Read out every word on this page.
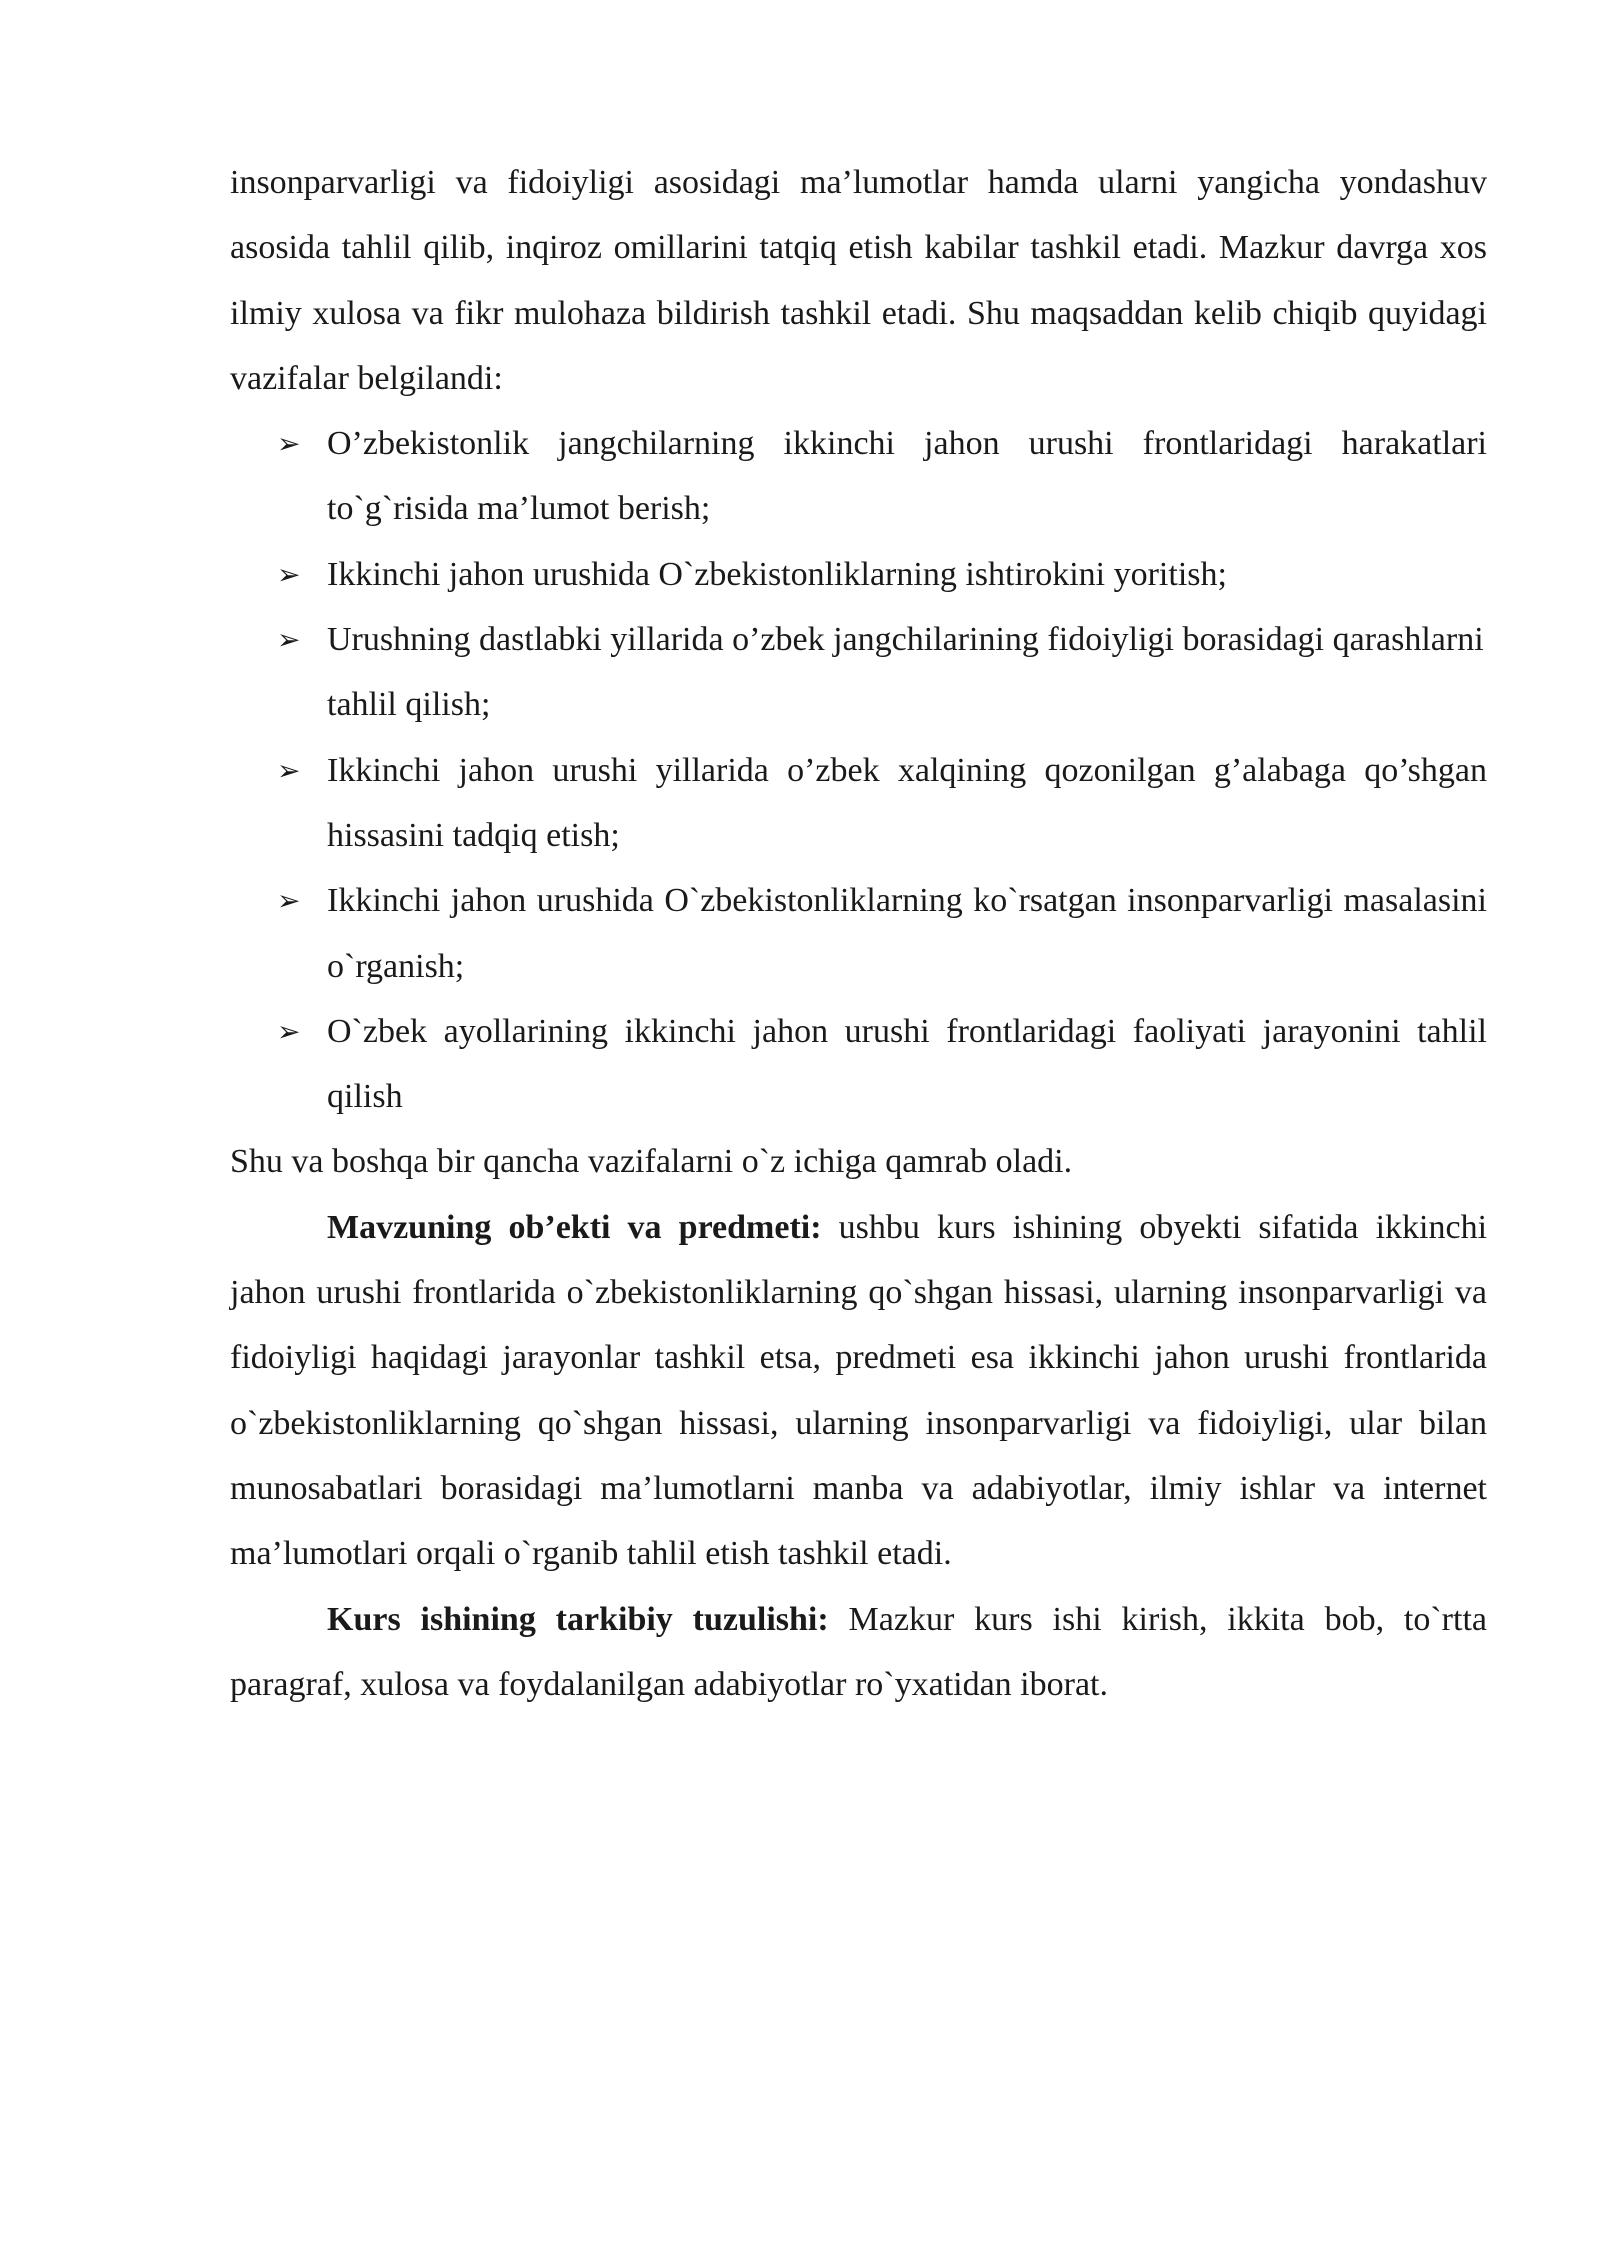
insonparvarligi va fidoiyligi asosidagi ma’lumotlar hamda ularni yangicha yondashuv asosida tahlil qilib, inqiroz omillarini tatqiq etish kabilar tashkil etadi. Mazkur davrga xos ilmiy xulosa va fikr mulohaza bildirish tashkil etadi. Shu maqsaddan kelib chiqib quyidagi vazifalar belgilandi:

➢ O’zbekistonlik jangchilarning ikkinchi jahon urushi frontlaridagi harakatlari to`g`risida ma’lumot berish;
➢ Ikkinchi jahon urushida O`zbekistonliklarning ishtirokini yoritish;
➢ Urushning dastlabki yillarida o’zbek jangchilarining fidoiyligi borasidagi qarashlarni tahlil qilish;
➢ Ikkinchi jahon urushi yillarida o’zbek xalqining qozonilgan g’alabaga qo’shgan hissasini tadqiq etish;
➢ Ikkinchi jahon urushida O`zbekistonliklarning ko`rsatgan insonparvarligi masalasini o`rganish;
➢ O`zbek ayollarining ikkinchi jahon urushi frontlaridagi faoliyati jarayonini tahlil qilish

Shu va boshqa bir qancha vazifalarni o`z ichiga qamrab oladi.

Mavzuning ob’ekti va predmeti: ushbu kurs ishining obyekti sifatida ikkinchi jahon urushi frontlarida o`zbekistonliklarning qo`shgan hissasi, ularning insonparvarligi va fidoiyligi haqidagi jarayonlar tashkil etsa, predmeti esa ikkinchi jahon urushi frontlarida o`zbekistonliklarning qo`shgan hissasi, ularning insonparvarligi va fidoiyligi, ular bilan munosabatlari borasidagi ma’lumotlarni manba va adabiyotlar, ilmiy ishlar va internet ma’lumotlari orqali o`rganib tahlil etish tashkil etadi.

Kurs ishining tarkibiy tuzulishi: Mazkur kurs ishi kirish, ikkita bob, to`rtta paragraf, xulosa va foydalanilgan adabiyotlar ro`yxatidan iborat.
